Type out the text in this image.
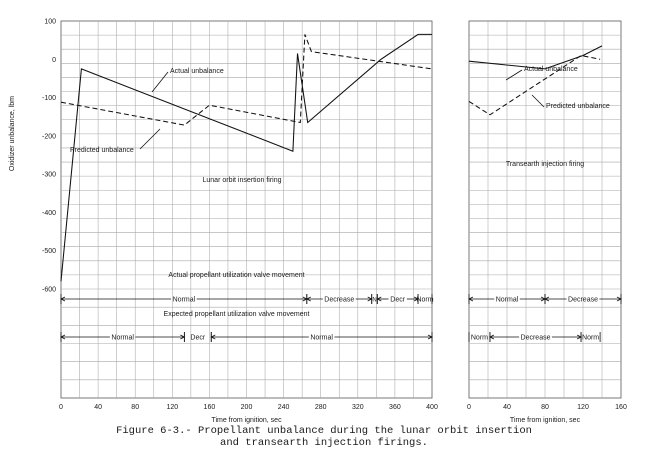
100
0
-100
-200
-300
-400
-500
-600
Oxidizer unbalance, lbm
0	40	80	120	160	200	240	280	320	360	400
Time from ignition, sec
Actual unbalance
Predicted unbalance
Lunar orbit insertion firing
Actual propellant utilization valve movement
Normal	Decrease	N Decr Norm
Expected propellant utilization valve movement
Normal	Decr	Normal
0	40	80	120	160
Time from ignition, sec
Actual unbalance
Predicted unbalance
Transearth injection firing
Normal	Decrease
Norm	Decrease	Norm
Figure 6-3.- Propellant unbalance during the lunar orbit insertion
and transearth injection firings.
